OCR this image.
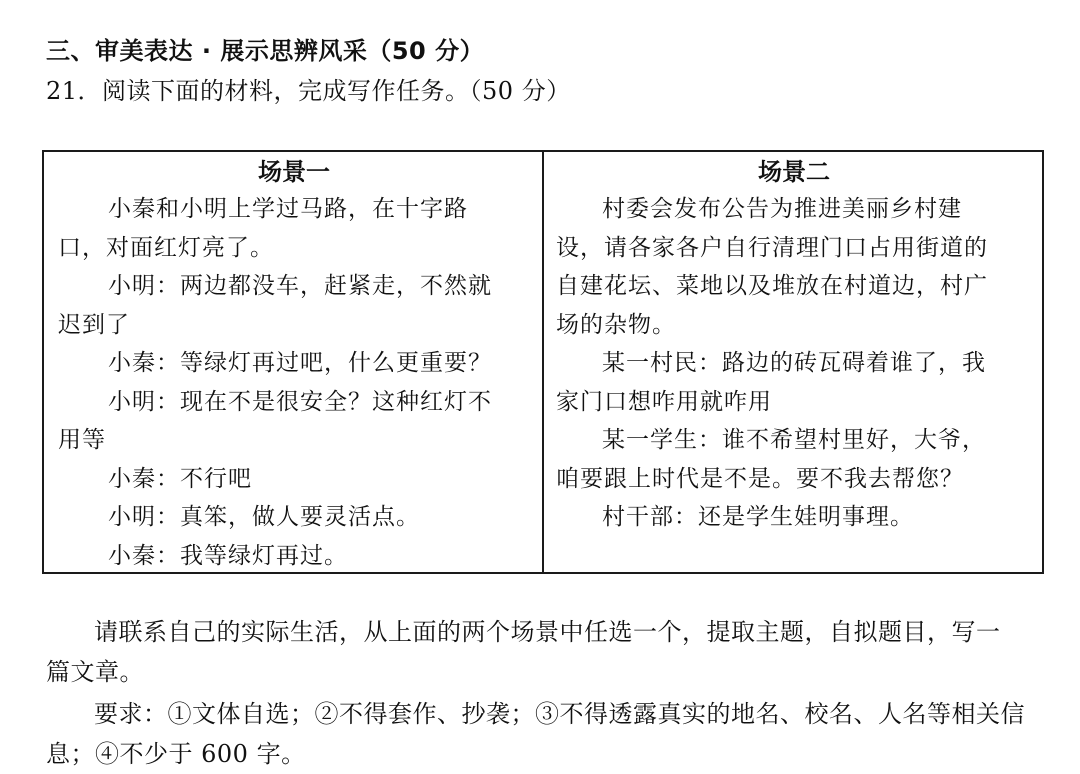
三、审美表达 · 展示思辨风采（50 分）
21．阅读下面的材料，完成写作任务。（50 分）
场景一
小秦和小明上学过马路，在十字路
口，对面红灯亮了。
小明：两边都没车，赶紧走，不然就
迟到了
小秦：等绿灯再过吧，什么更重要？
小明：现在不是很安全？这种红灯不
用等
小秦：不行吧
小明：真笨，做人要灵活点。
小秦：我等绿灯再过。
场景二
村委会发布公告为推进美丽乡村建
设，请各家各户自行清理门口占用街道的
自建花坛、菜地以及堆放在村道边，村广
场的杂物。
某一村民：路边的砖瓦碍着谁了，我
家门口想咋用就咋用
某一学生：谁不希望村里好，大爷，
咱要跟上时代是不是。要不我去帮您？
村干部：还是学生娃明事理。
请联系自己的实际生活，从上面的两个场景中任选一个，提取主题，自拟题目，写一
篇文章。
要求：①文体自选；②不得套作、抄袭；③不得透露真实的地名、校名、人名等相关信
息；④不少于 600 字。
